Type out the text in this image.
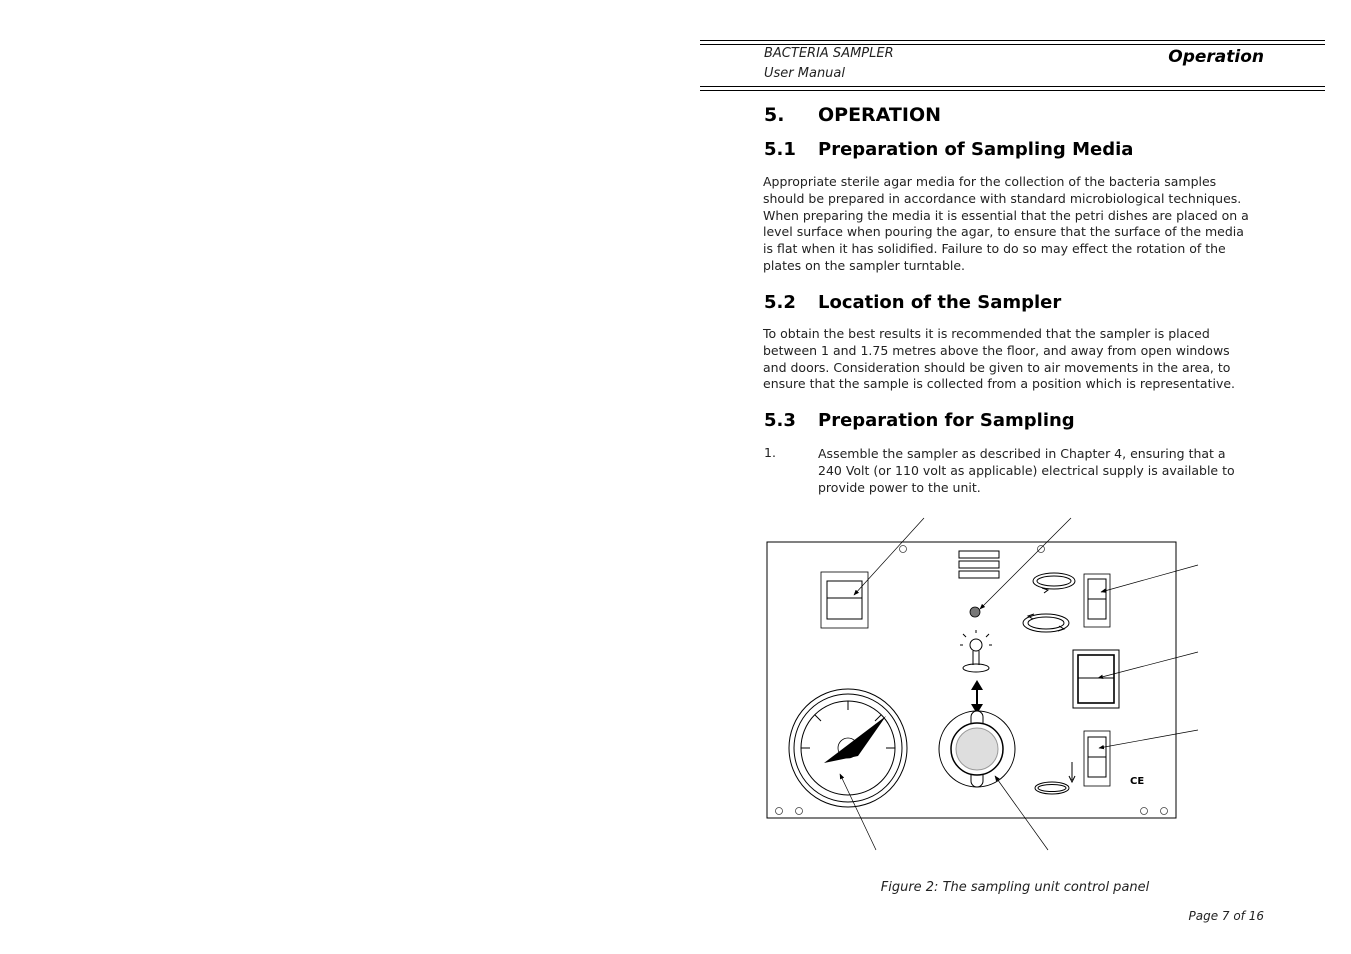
BACTERIA SAMPLER
User Manual
Operation
5. OPERATION
5.1 Preparation of Sampling Media
Appropriate sterile agar media for the collection of the bacteria samples
should be prepared in accordance with standard microbiological techniques.
When preparing the media it is essential that the petri dishes are placed on a
level surface when pouring the agar, to ensure that the surface of the media
is flat when it has solidified. Failure to do so may effect the rotation of the
plates on the sampler turntable.
5.2 Location of the Sampler
To obtain the best results it is recommended that the sampler is placed
between 1 and 1.75 metres above the floor, and away from open windows
and doors. Consideration should be given to air movements in the area, to
ensure that the sample is collected from a position which is representative.
5.3 Preparation for Sampling
1.	Assemble the sampler as described in Chapter 4, ensuring that a
240 Volt (or 110 volt as applicable) electrical supply is available to
provide power to the unit.
CE
Figure 2: The sampling unit control panel
Page 7 of 16
